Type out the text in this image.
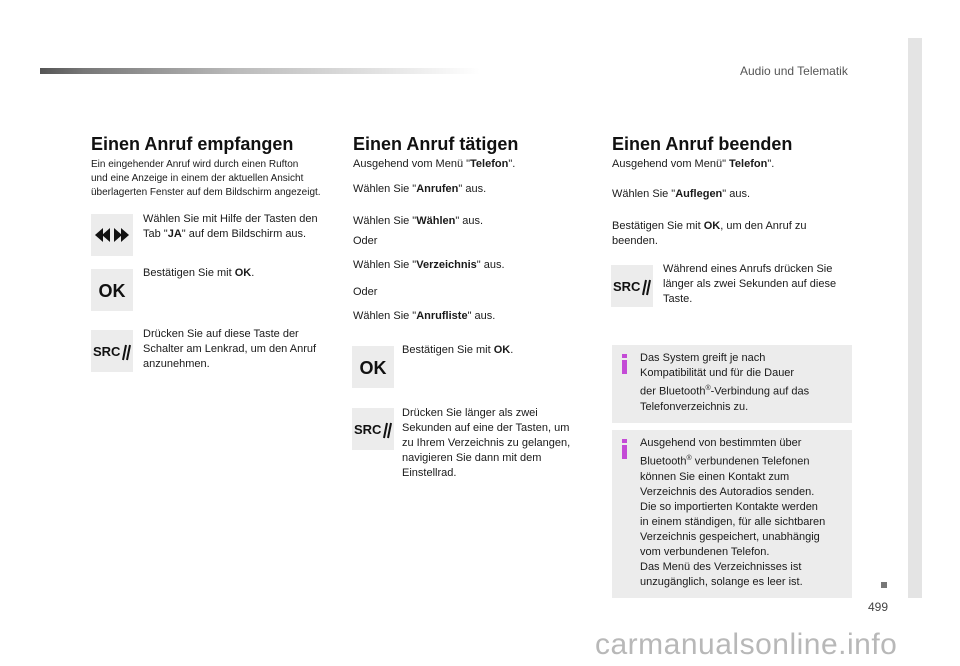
Audio und Telematik
499
Einen Anruf empfangen
Ein eingehender Anruf wird durch einen Rufton
und eine Anzeige in einem der aktuellen Ansicht
überlagerten Fenster auf dem Bildschirm angezeigt.
Wählen Sie mit Hilfe der Tasten den
Tab "JA" auf dem Bildschirm aus.
OK
Bestätigen Sie mit OK.
SRC
Drücken Sie auf diese Taste der
Schalter am Lenkrad, um den Anruf
anzunehmen.
Einen Anruf tätigen
Ausgehend vom Menü "Telefon".
Wählen Sie "Anrufen" aus.
Wählen Sie "Wählen" aus.
Oder
Wählen Sie "Verzeichnis" aus.
Oder
Wählen Sie "Anrufliste" aus.
OK
Bestätigen Sie mit OK.
SRC
Drücken Sie länger als zwei
Sekunden auf eine der Tasten, um
zu Ihrem Verzeichnis zu gelangen,
navigieren Sie dann mit dem
Einstellrad.
Einen Anruf beenden
Ausgehend vom Menü" Telefon".
Wählen Sie "Auflegen" aus.
Bestätigen Sie mit OK, um den Anruf zu
beenden.
SRC
Während eines Anrufs drücken Sie
länger als zwei Sekunden auf diese
Taste.
Das System greift je nach
Kompatibilität und für die Dauer
der Bluetooth®-Verbindung auf das
Telefonverzeichnis zu.
Ausgehend von bestimmten über
Bluetooth® verbundenen Telefonen
können Sie einen Kontakt zum
Verzeichnis des Autoradios senden.
Die so importierten Kontakte werden
in einem ständigen, für alle sichtbaren
Verzeichnis gespeichert, unabhängig
vom verbundenen Telefon.
Das Menü des Verzeichnisses ist
unzugänglich, solange es leer ist.
carmanualsonline.info
